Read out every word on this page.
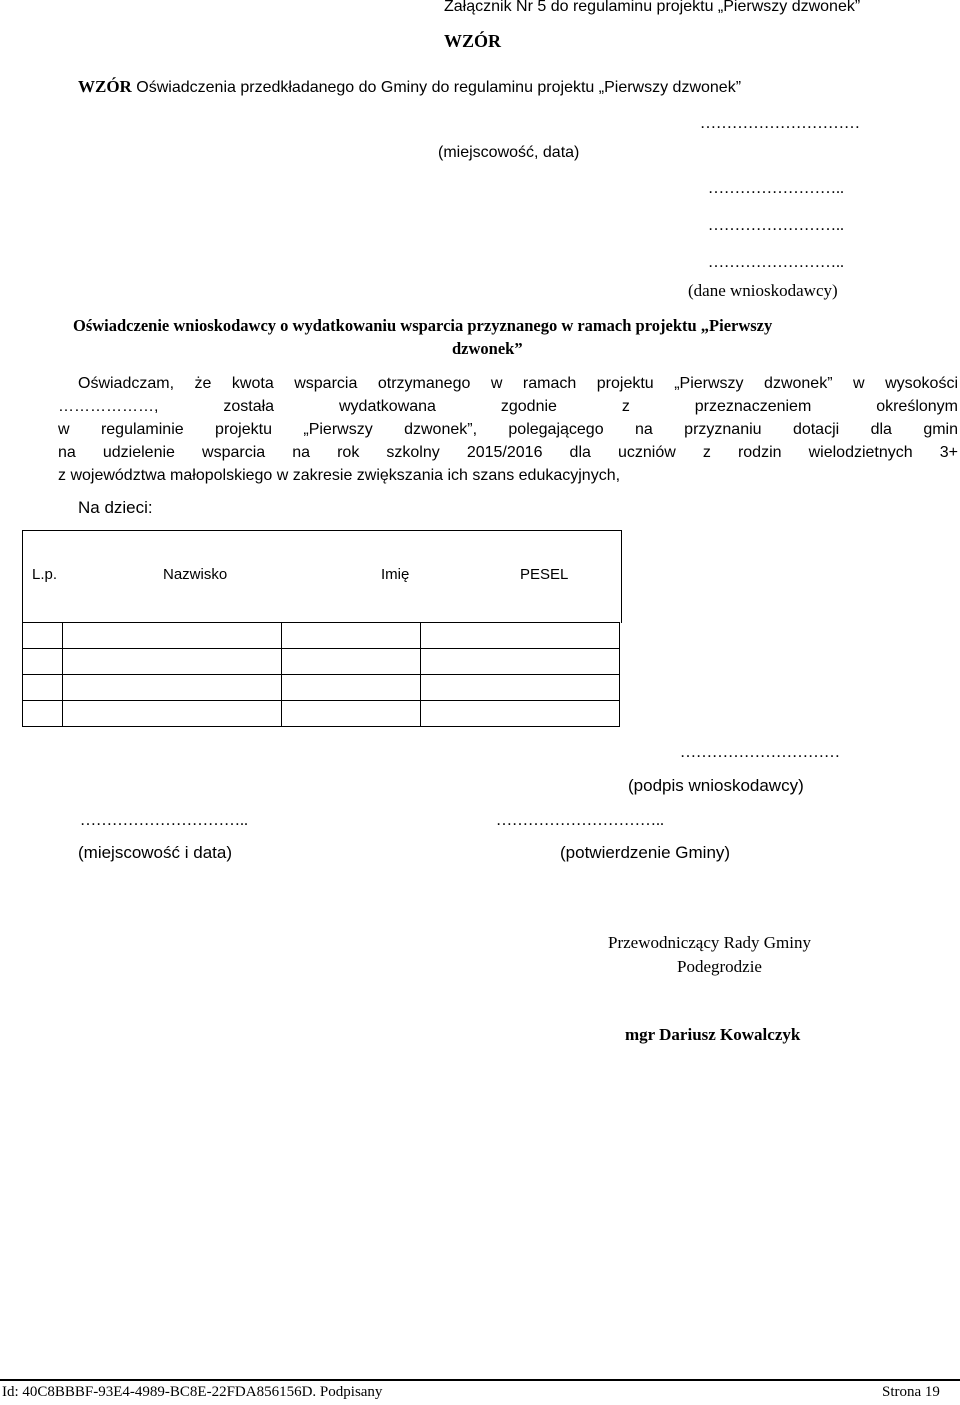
Załącznik Nr 5 do regulaminu projektu „Pierwszy dzwonek”
WZÓR
WZÓR Oświadczenia przedkładanego do Gminy do regulaminu projektu „Pierwszy dzwonek”
…………………………
(miejscowość, data)
……………………..
……………………..
……………………..
(dane wnioskodawcy)
Oświadczenie wnioskodawcy o wydatkowaniu wsparcia przyznanego w ramach projektu „Pierwszy
dzwonek”
Oświadczam, że kwota wsparcia otrzymanego w ramach projektu „Pierwszy dzwonek” w wysokości
………………, została wydatkowana zgodnie z przeznaczeniem określonym
w regulaminie projektu „Pierwszy dzwonek”, polegającego na przyznaniu dotacji dla gmin
na udzielenie wsparcia na rok szkolny 2015/2016 dla uczniów z rodzin wielodzietnych 3+
z województwa małopolskiego w zakresie zwiększania ich szans edukacyjnych,
Na dzieci:
L.p.	Nazwisko	Imię	PESEL

…………………………
(podpis wnioskodawcy)
…………………………..
(miejscowość i data)
…………………………..
(potwierdzenie Gminy)
Przewodniczący Rady Gminy
Podegrodzie
mgr Dariusz Kowalczyk
Id: 40C8BBBF-93E4-4989-BC8E-22FDA856156D. Podpisany	Strona 19
